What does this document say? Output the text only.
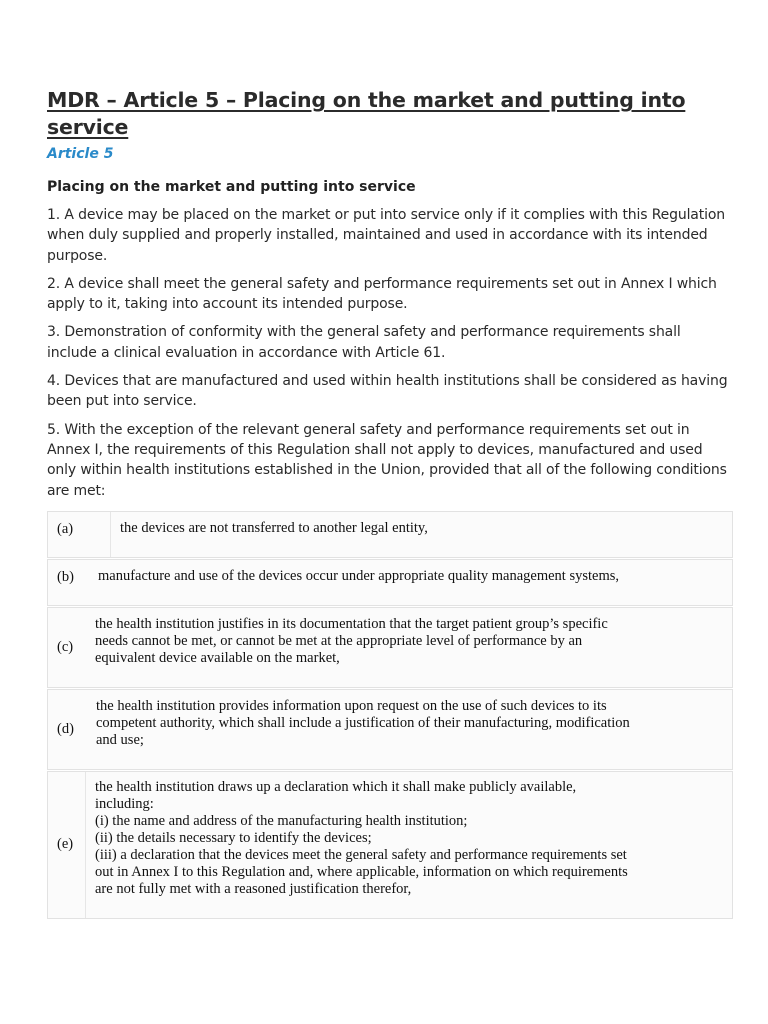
MDR – Article 5 – Placing on the market and putting into service
Article 5
Placing on the market and putting into service

1. A device may be placed on the market or put into service only if it complies with this Regulation when duly supplied and properly installed, maintained and used in accordance with its intended purpose.

2. A device shall meet the general safety and performance requirements set out in Annex I which apply to it, taking into account its intended purpose.

3. Demonstration of conformity with the general safety and performance requirements shall include a clinical evaluation in accordance with Article 61.

4. Devices that are manufactured and used within health institutions shall be considered as having been put into service.

5. With the exception of the relevant general safety and performance requirements set out in Annex I, the requirements of this Regulation shall not apply to devices, manufactured and used only within health institutions established in the Union, provided that all of the following conditions are met:

(a)	the devices are not transferred to another legal entity,
(b)	manufacture and use of the devices occur under appropriate quality management systems,
(c)
the health institution justifies in its documentation that the target patient group’s specific
needs cannot be met, or cannot be met at the appropriate level of performance by an
equivalent device available on the market,
(d)
the health institution provides information upon request on the use of such devices to its
competent authority, which shall include a justification of their manufacturing, modification
and use;
(e)
the health institution draws up a declaration which it shall make publicly available,
including:
(i) the name and address of the manufacturing health institution;
(ii) the details necessary to identify the devices;
(iii) a declaration that the devices meet the general safety and performance requirements set
out in Annex I to this Regulation and, where applicable, information on which requirements
are not fully met with a reasoned justification therefor,
